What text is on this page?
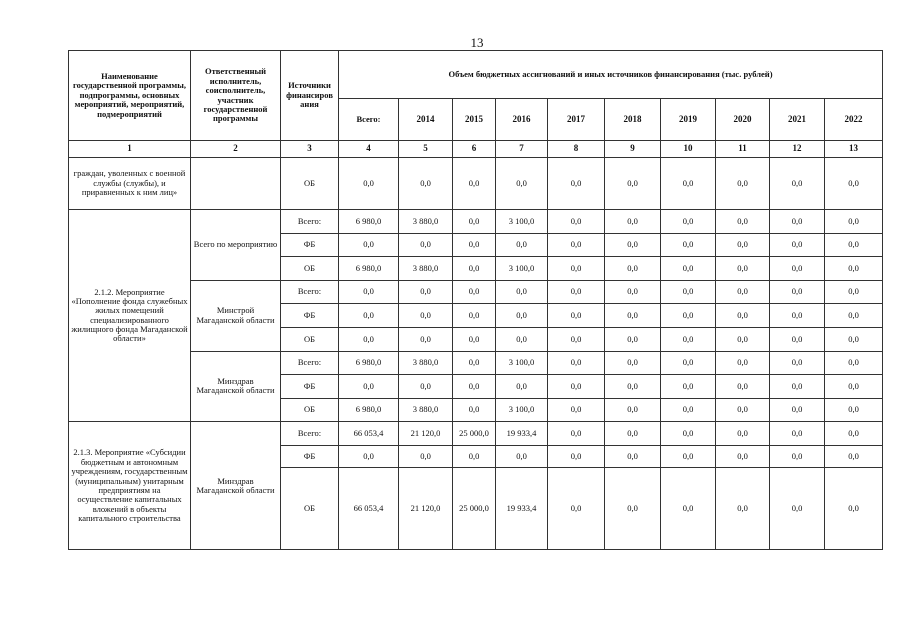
13
Наименование государственной программы, подпрограммы, основных мероприятий, мероприятий, подмероприятий	Ответственный исполнитель, соисполнитель, участник государственной программы	Источники финансиров ания	Объем бюджетных ассигнований и иных источников финансирования (тыс. рублей)									
			Всего:	2014	2015	2016	2017	2018	2019	2020	2021	2022
1	2	3	4	5	6	7	8	9	10	11	12	13
граждан, уволенных с военной службы (службы), и приравненных к ним лиц»		ОБ	0,0	0,0	0,0	0,0	0,0	0,0	0,0	0,0	0,0	0,0
2.1.2. Мероприятие «Пополнение фонда служебных жилых помещений специализированного жилищного фонда Магаданской области»	Всего по мероприятию	Всего:	6 980,0	3 880,0	0,0	3 100,0	0,0	0,0	0,0	0,0	0,0	0,0
		ФБ	0,0	0,0	0,0	0,0	0,0	0,0	0,0	0,0	0,0	0,0
		ОБ	6 980,0	3 880,0	0,0	3 100,0	0,0	0,0	0,0	0,0	0,0	0,0
	Минстрой Магаданской области	Всего:	0,0	0,0	0,0	0,0	0,0	0,0	0,0	0,0	0,0	0,0
		ФБ	0,0	0,0	0,0	0,0	0,0	0,0	0,0	0,0	0,0	0,0
		ОБ	0,0	0,0	0,0	0,0	0,0	0,0	0,0	0,0	0,0	0,0
	Минздрав Магаданской области	Всего:	6 980,0	3 880,0	0,0	3 100,0	0,0	0,0	0,0	0,0	0,0	0,0
		ФБ	0,0	0,0	0,0	0,0	0,0	0,0	0,0	0,0	0,0	0,0
		ОБ	6 980,0	3 880,0	0,0	3 100,0	0,0	0,0	0,0	0,0	0,0	0,0
2.1.3. Мероприятие «Субсидии бюджетным и автономным учреждениям, государственным (муниципальным) унитарным предприятиям на осуществление капитальных вложений в объекты капитального строительства	Минздрав Магаданской области	Всего:	66 053,4	21 120,0	25 000,0	19 933,4	0,0	0,0	0,0	0,0	0,0	0,0
		ФБ	0,0	0,0	0,0	0,0	0,0	0,0	0,0	0,0	0,0	0,0
		ОБ	66 053,4	21 120,0	25 000,0	19 933,4	0,0	0,0	0,0	0,0	0,0	0,0
